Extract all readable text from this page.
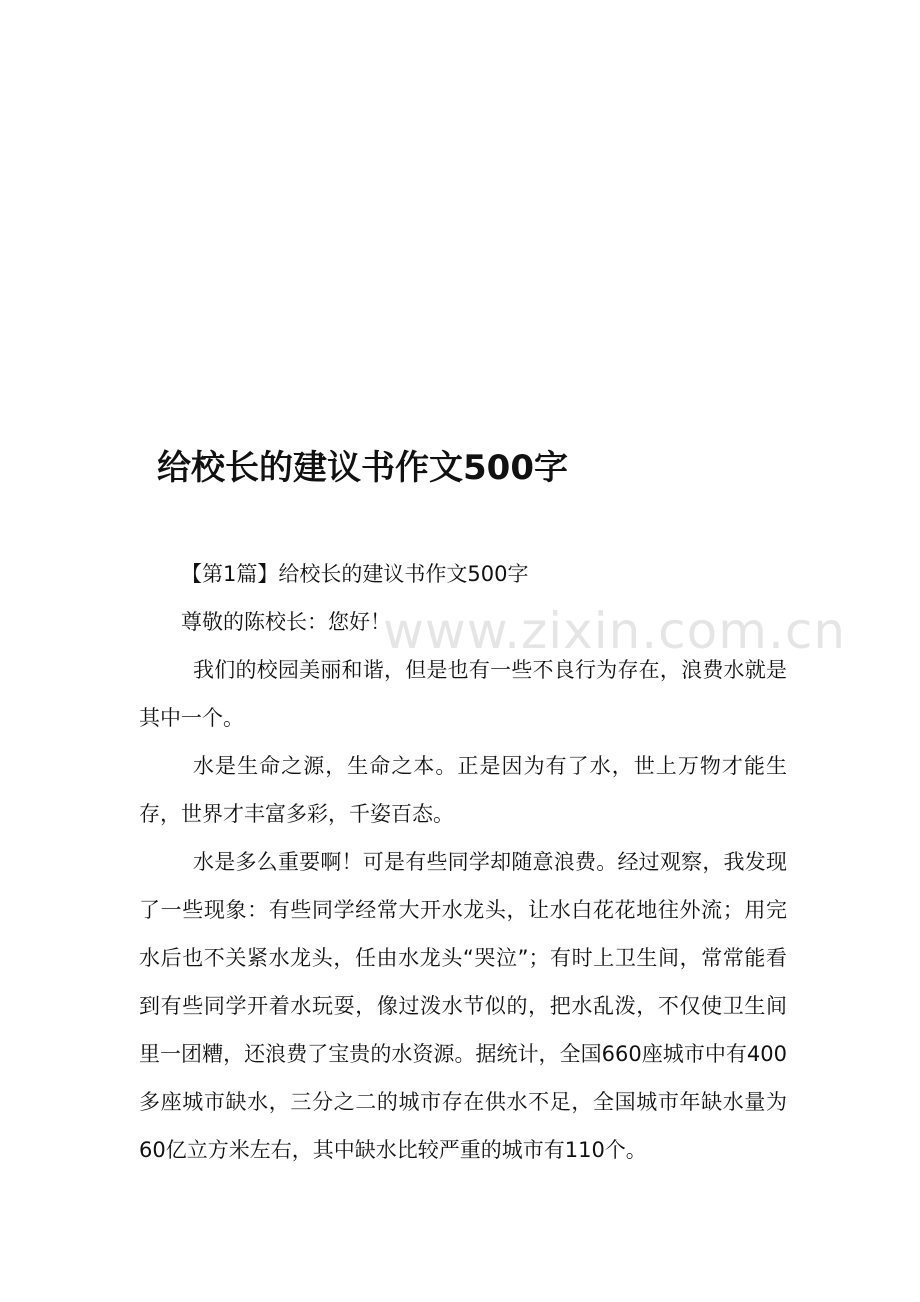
给校长的建议书作文500字
www.zixin.com.cn

【第1篇】给校长的建议书作文500字

尊敬的陈校长：您好！

我们的校园美丽和谐，但是也有一些不良行为存在，浪费水就是其中一个。

水是生命之源，生命之本。正是因为有了水，世上万物才能生存，世界才丰富多彩，千姿百态。

水是多么重要啊！可是有些同学却随意浪费。经过观察，我发现了一些现象：有些同学经常大开水龙头，让水白花花地往外流；用完水后也不关紧水龙头，任由水龙头“哭泣”；有时上卫生间，常常能看到有些同学开着水玩耍，像过泼水节似的，把水乱泼，不仅使卫生间里一团糟，还浪费了宝贵的水资源。据统计，全国660座城市中有400多座城市缺水，三分之二的城市存在供水不足，全国城市年缺水量为60亿立方米左右，其中缺水比较严重的城市有110个。
